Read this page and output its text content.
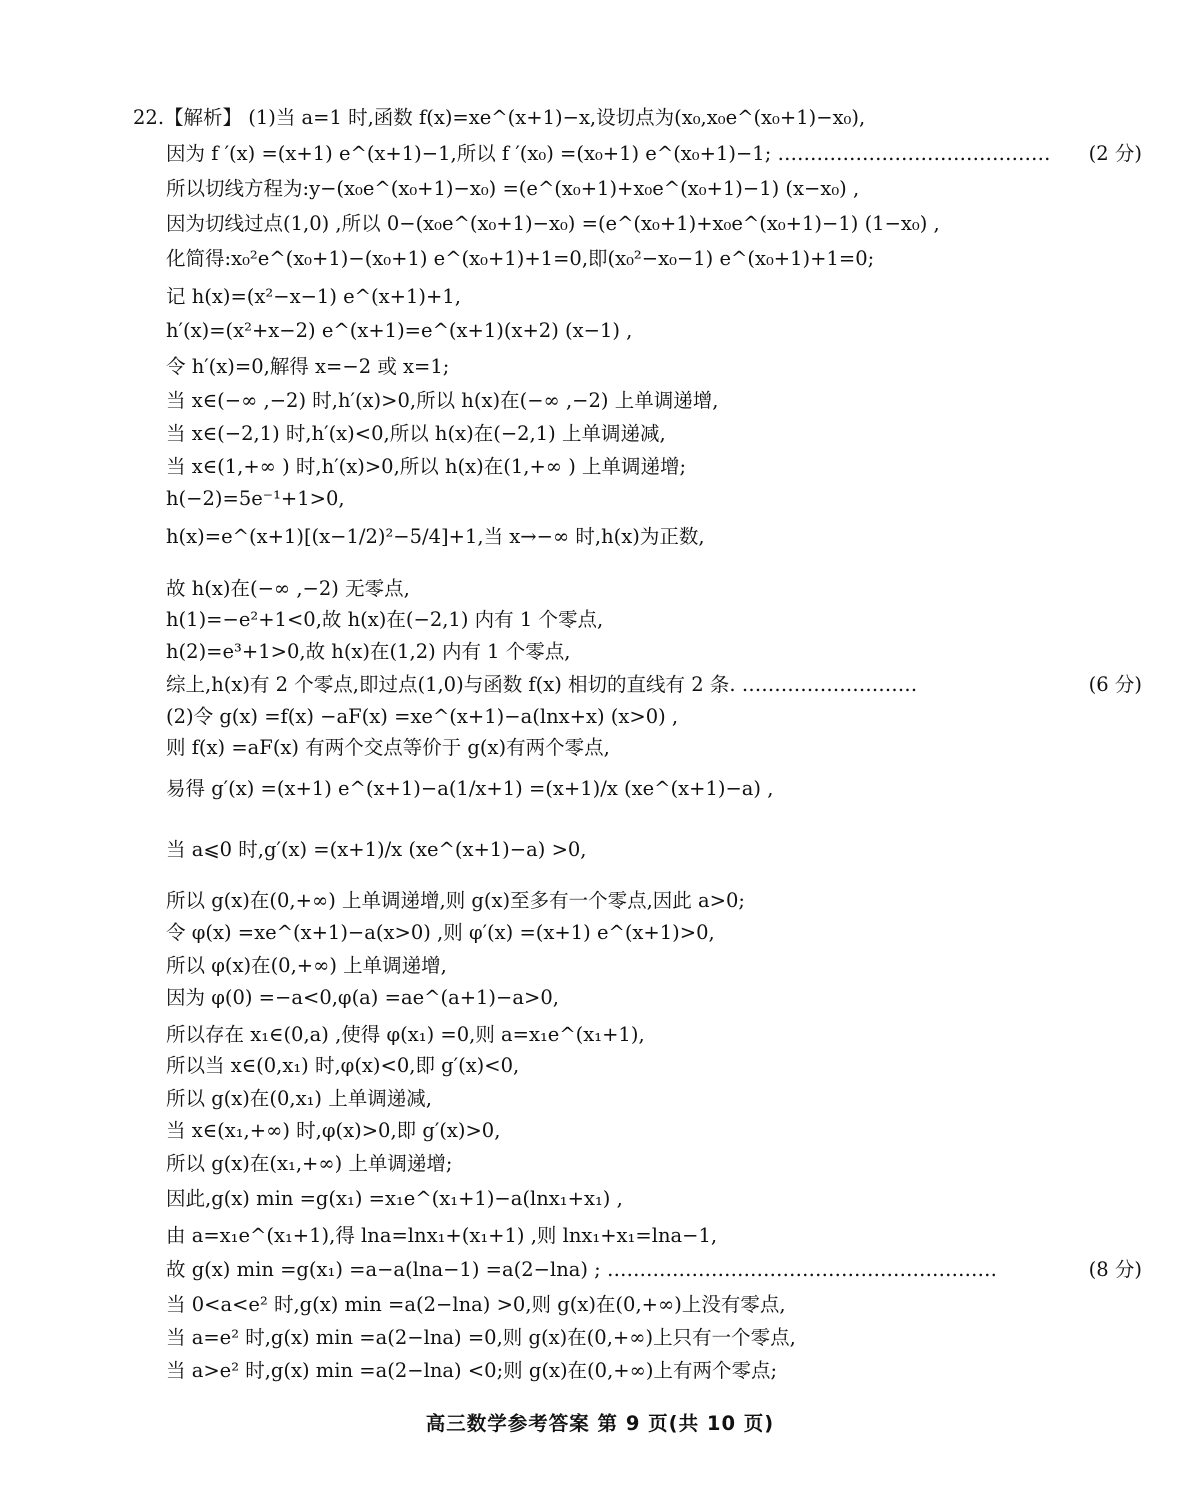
22.【解析】 (1)当 a=1 时,函数 f(x)=xe^(x+1)−x,设切点为(x₀,x₀e^(x₀+1)−x₀),
因为 f ′(x) =(x+1) e^(x+1)−1,所以 f ′(x₀) =(x₀+1) e^(x₀+1)−1; ……………………………………	(2 分)
所以切线方程为:y−(x₀e^(x₀+1)−x₀) =(e^(x₀+1)+x₀e^(x₀+1)−1) (x−x₀) ,
因为切线过点(1,0) ,所以 0−(x₀e^(x₀+1)−x₀) =(e^(x₀+1)+x₀e^(x₀+1)−1) (1−x₀) ,
化简得:x₀²e^(x₀+1)−(x₀+1) e^(x₀+1)+1=0,即(x₀²−x₀−1) e^(x₀+1)+1=0;
记 h(x)=(x²−x−1) e^(x+1)+1,
h′(x)=(x²+x−2) e^(x+1)=e^(x+1)(x+2) (x−1) ,
令 h′(x)=0,解得 x=−2 或 x=1;
当 x∈(−∞ ,−2) 时,h′(x)>0,所以 h(x)在(−∞ ,−2) 上单调递增,
当 x∈(−2,1) 时,h′(x)<0,所以 h(x)在(−2,1) 上单调递减,
当 x∈(1,+∞ ) 时,h′(x)>0,所以 h(x)在(1,+∞ ) 上单调递增;
h(−2)=5e⁻¹+1>0,
h(x)=e^(x+1)[(x−1/2)²−5/4]+1,当 x→−∞ 时,h(x)为正数,
故 h(x)在(−∞ ,−2) 无零点,
h(1)=−e²+1<0,故 h(x)在(−2,1) 内有 1 个零点,
h(2)=e³+1>0,故 h(x)在(1,2) 内有 1 个零点,
综上,h(x)有 2 个零点,即过点(1,0)与函数 f(x) 相切的直线有 2 条. ………………………	(6 分)
(2)令 g(x) =f(x) −aF(x) =xe^(x+1)−a(lnx+x) (x>0) ,
则 f(x) =aF(x) 有两个交点等价于 g(x)有两个零点,
易得 g′(x) =(x+1) e^(x+1)−a(1/x+1) =(x+1)/x (xe^(x+1)−a) ,
当 a⩽0 时,g′(x) =(x+1)/x (xe^(x+1)−a) >0,
所以 g(x)在(0,+∞) 上单调递增,则 g(x)至多有一个零点,因此 a>0;
令 φ(x) =xe^(x+1)−a(x>0) ,则 φ′(x) =(x+1) e^(x+1)>0,
所以 φ(x)在(0,+∞) 上单调递增,
因为 φ(0) =−a<0,φ(a) =ae^(a+1)−a>0,
所以存在 x₁∈(0,a) ,使得 φ(x₁) =0,则 a=x₁e^(x₁+1),
所以当 x∈(0,x₁) 时,φ(x)<0,即 g′(x)<0,
所以 g(x)在(0,x₁) 上单调递减,
当 x∈(x₁,+∞) 时,φ(x)>0,即 g′(x)>0,
所以 g(x)在(x₁,+∞) 上单调递增;
因此,g(x) min =g(x₁) =x₁e^(x₁+1)−a(lnx₁+x₁) ,
由 a=x₁e^(x₁+1),得 lna=lnx₁+(x₁+1) ,则 lnx₁+x₁=lna−1,
故 g(x) min =g(x₁) =a−a(lna−1) =a(2−lna) ; ……………………………………………………	(8 分)
当 0<a<e² 时,g(x) min =a(2−lna) >0,则 g(x)在(0,+∞)上没有零点,
当 a=e² 时,g(x) min =a(2−lna) =0,则 g(x)在(0,+∞)上只有一个零点,
当 a>e² 时,g(x) min =a(2−lna) <0;则 g(x)在(0,+∞)上有两个零点;
高三数学参考答案 第 9 页(共 10 页)
